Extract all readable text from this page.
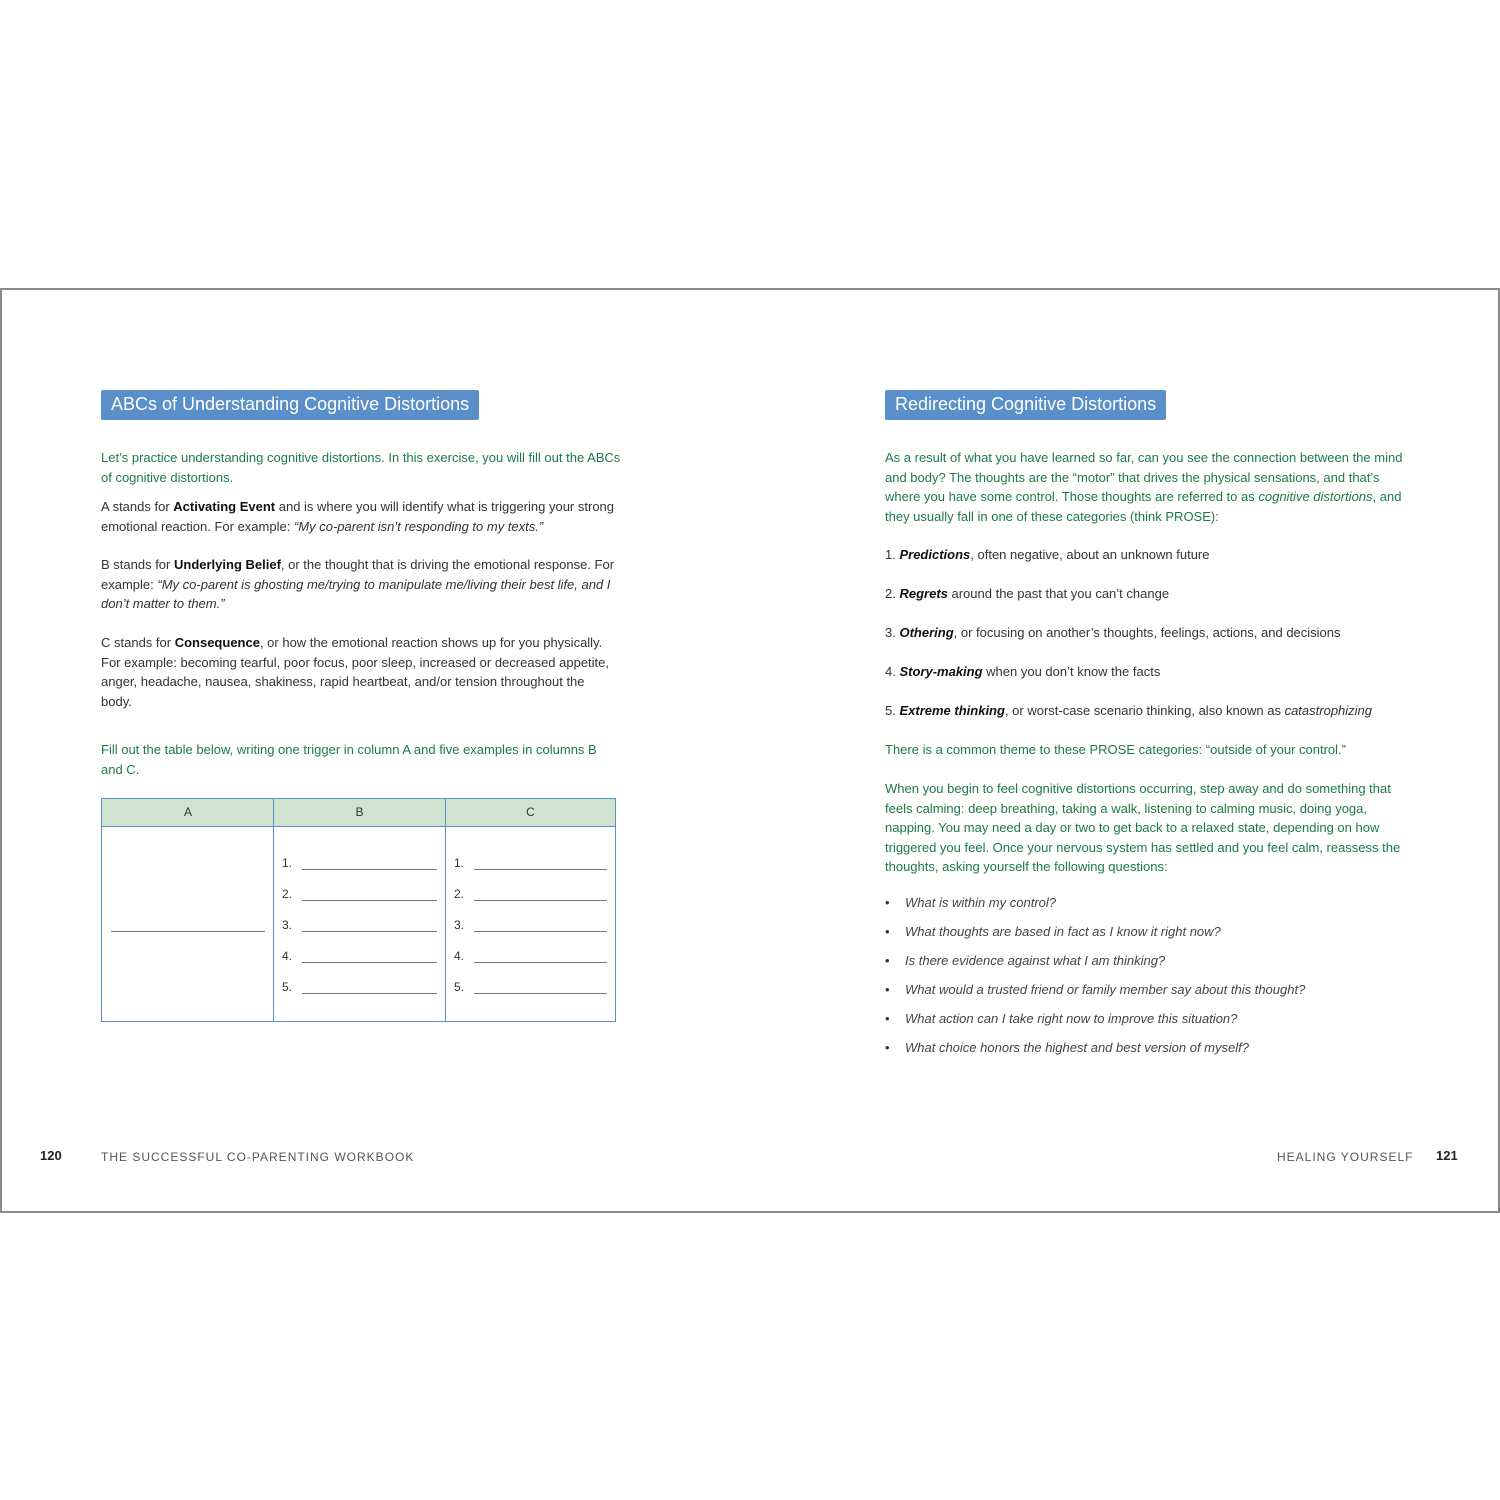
ABCs of Understanding Cognitive Distortions
Let’s practice understanding cognitive distortions. In this exercise, you will fill out the ABCs of cognitive distortions.
A stands for Activating Event and is where you will identify what is triggering your strong emotional reaction. For example: “My co-parent isn’t responding to my texts.”
B stands for Underlying Belief, or the thought that is driving the emotional response. For example: “My co-parent is ghosting me/trying to manipulate me/living their best life, and I don’t matter to them.”
C stands for Consequence, or how the emotional reaction shows up for you physically. For example: becoming tearful, poor focus, poor sleep, increased or decreased appetite, anger, headache, nausea, shakiness, rapid heartbeat, and/or tension throughout the body.
Fill out the table below, writing one trigger in column A and five examples in columns B and C.
A	B
1.
2.
3.
4.
5.
C
1.
2.
3.
4.
5.
120	THE SUCCESSFUL CO-PARENTING WORKBOOK
Redirecting Cognitive Distortions
As a result of what you have learned so far, can you see the connection between the mind and body? The thoughts are the “motor” that drives the physical sensations, and that’s where you have some control. Those thoughts are referred to as cognitive distortions, and they usually fall in one of these categories (think PROSE):
1. Predictions, often negative, about an unknown future
2. Regrets around the past that you can’t change
3. Othering, or focusing on another’s thoughts, feelings, actions, and decisions
4. Story-making when you don’t know the facts
5. Extreme thinking, or worst-case scenario thinking, also known as catastrophizing
There is a common theme to these PROSE categories: “outside of your control.”
When you begin to feel cognitive distortions occurring, step away and do something that feels calming: deep breathing, taking a walk, listening to calming music, doing yoga, napping. You may need a day or two to get back to a relaxed state, depending on how triggered you feel. Once your nervous system has settled and you feel calm, reassess the thoughts, asking yourself the following questions:
• What is within my control?
• What thoughts are based in fact as I know it right now?
• Is there evidence against what I am thinking?
• What would a trusted friend or family member say about this thought?
• What action can I take right now to improve this situation?
• What choice honors the highest and best version of myself?
HEALING YOURSELF 121
